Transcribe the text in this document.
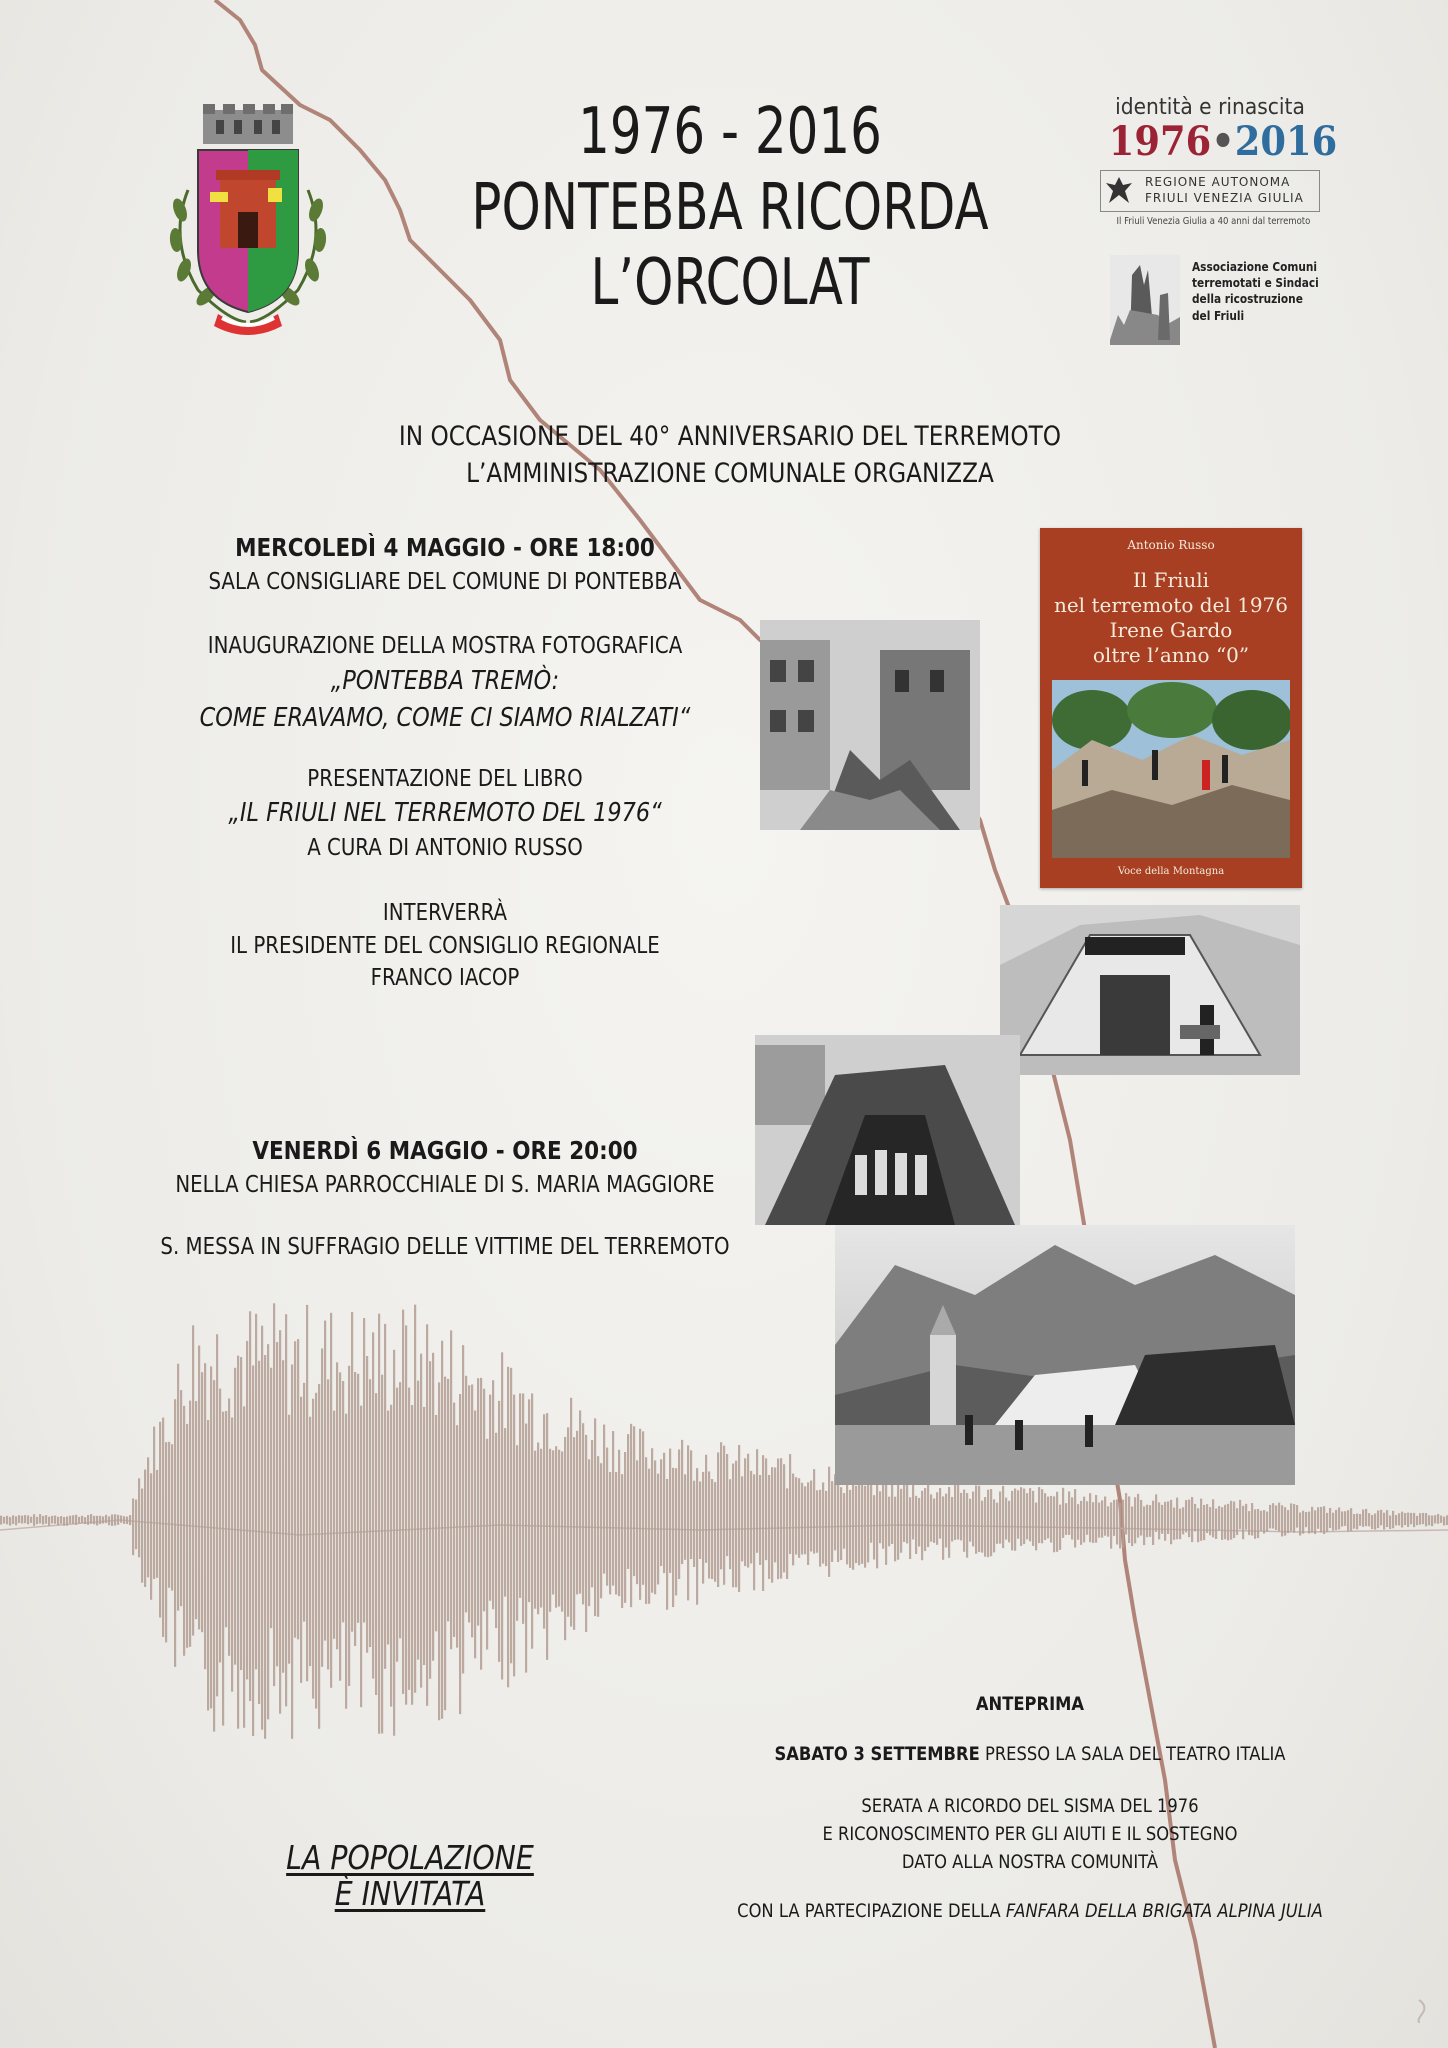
1976 - 2016
PONTEBBA RICORDA
L’ORCOLAT
identità e rinascita
1976•2016
REGIONE AUTONOMA
FRIULI VENEZIA GIULIA
Il Friuli Venezia Giulia a 40 anni dal terremoto
Associazione Comuni
terremotati e Sindaci
della ricostruzione
del Friuli
IN OCCASIONE DEL 40° ANNIVERSARIO DEL TERREMOTO
L’AMMINISTRAZIONE COMUNALE ORGANIZZA
MERCOLEDÌ 4 MAGGIO - ORE 18:00
SALA CONSIGLIARE DEL COMUNE DI PONTEBBA
INAUGURAZIONE DELLA MOSTRA FOTOGRAFICA
„PONTEBBA TREMÒ:
COME ERAVAMO, COME CI SIAMO RIALZATI“
PRESENTAZIONE DEL LIBRO
„IL FRIULI NEL TERREMOTO DEL 1976“
A CURA DI ANTONIO RUSSO
INTERVERRÀ
IL PRESIDENTE DEL CONSIGLIO REGIONALE
FRANCO IACOP
VENERDÌ 6 MAGGIO - ORE 20:00
NELLA CHIESA PARROCCHIALE DI S. MARIA MAGGIORE
S. MESSA IN SUFFRAGIO DELLE VITTIME DEL TERREMOTO
Antonio Russo
Il Friuli
nel terremoto del 1976
Irene Gardo
oltre l’anno “0”
Voce della Montagna
ANTEPRIMA
SABATO 3 SETTEMBRE PRESSO LA SALA DEL TEATRO ITALIA
SERATA A RICORDO DEL SISMA DEL 1976
E RICONOSCIMENTO PER GLI AIUTI E IL SOSTEGNO
DATO ALLA NOSTRA COMUNITÀ
CON LA PARTECIPAZIONE DELLA FANFARA DELLA BRIGATA ALPINA JULIA
LA POPOLAZIONE
È INVITATA
